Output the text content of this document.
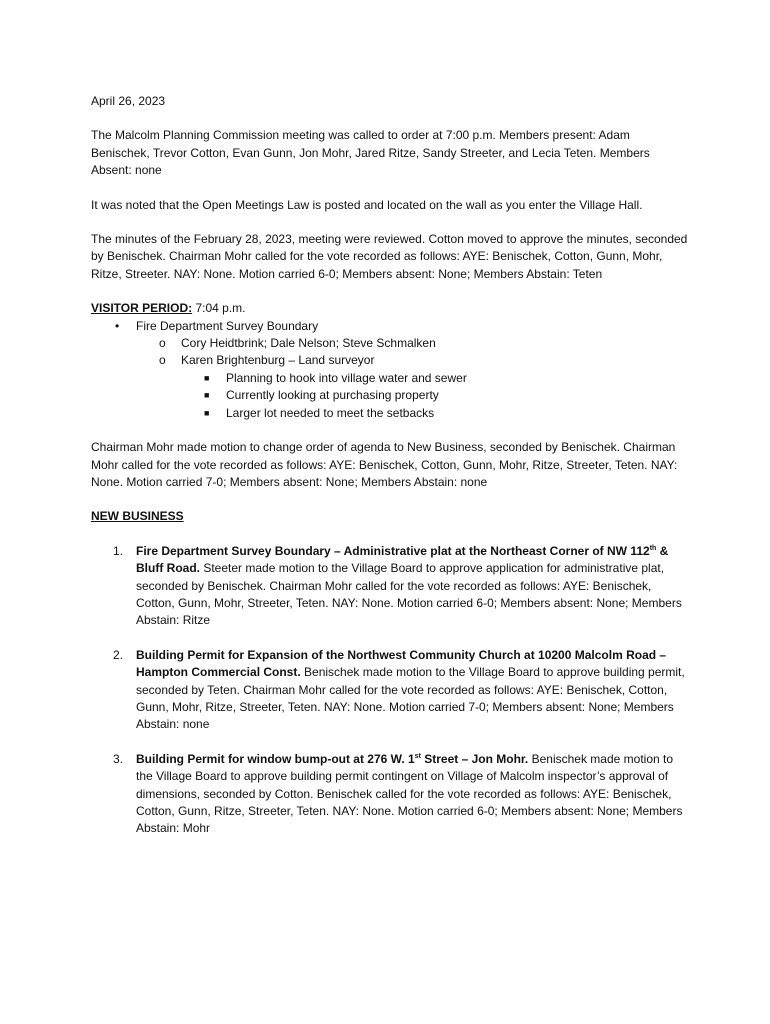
April 26, 2023

The Malcolm Planning Commission meeting was called to order at 7:00 p.m. Members present: Adam Benischek, Trevor Cotton, Evan Gunn, Jon Mohr, Jared Ritze, Sandy Streeter, and Lecia Teten. Members Absent: none

It was noted that the Open Meetings Law is posted and located on the wall as you enter the Village Hall.

The minutes of the February 28, 2023, meeting were reviewed. Cotton moved to approve the minutes, seconded by Benischek. Chairman Mohr called for the vote recorded as follows: AYE: Benischek, Cotton, Gunn, Mohr, Ritze, Streeter. NAY: None. Motion carried 6-0; Members absent: None; Members Abstain: Teten

VISITOR PERIOD: 7:04 p.m.

• Fire Department Survey Boundary
o Cory Heidtbrink; Dale Nelson; Steve Schmalken
o Karen Brightenburg – Land surveyor
■ Planning to hook into village water and sewer
■ Currently looking at purchasing property
■ Larger lot needed to meet the setbacks

Chairman Mohr made motion to change order of agenda to New Business, seconded by Benischek. Chairman Mohr called for the vote recorded as follows: AYE: Benischek, Cotton, Gunn, Mohr, Ritze, Streeter, Teten. NAY: None. Motion carried 7-0; Members absent: None; Members Abstain: none

NEW BUSINESS

1. Fire Department Survey Boundary – Administrative plat at the Northeast Corner of NW 112th & Bluff Road. Steeter made motion to the Village Board to approve application for administrative plat, seconded by Benischek. Chairman Mohr called for the vote recorded as follows: AYE: Benischek, Cotton, Gunn, Mohr, Streeter, Teten. NAY: None. Motion carried 6-0; Members absent: None; Members Abstain: Ritze

2. Building Permit for Expansion of the Northwest Community Church at 10200 Malcolm Road – Hampton Commercial Const. Benischek made motion to the Village Board to approve building permit, seconded by Teten. Chairman Mohr called for the vote recorded as follows: AYE: Benischek, Cotton, Gunn, Mohr, Ritze, Streeter, Teten. NAY: None. Motion carried 7-0; Members absent: None; Members Abstain: none

3. Building Permit for window bump-out at 276 W. 1st Street – Jon Mohr. Benischek made motion to the Village Board to approve building permit contingent on Village of Malcolm inspector’s approval of dimensions, seconded by Cotton. Benischek called for the vote recorded as follows: AYE: Benischek, Cotton, Gunn, Ritze, Streeter, Teten. NAY: None. Motion carried 6-0; Members absent: None; Members Abstain: Mohr
